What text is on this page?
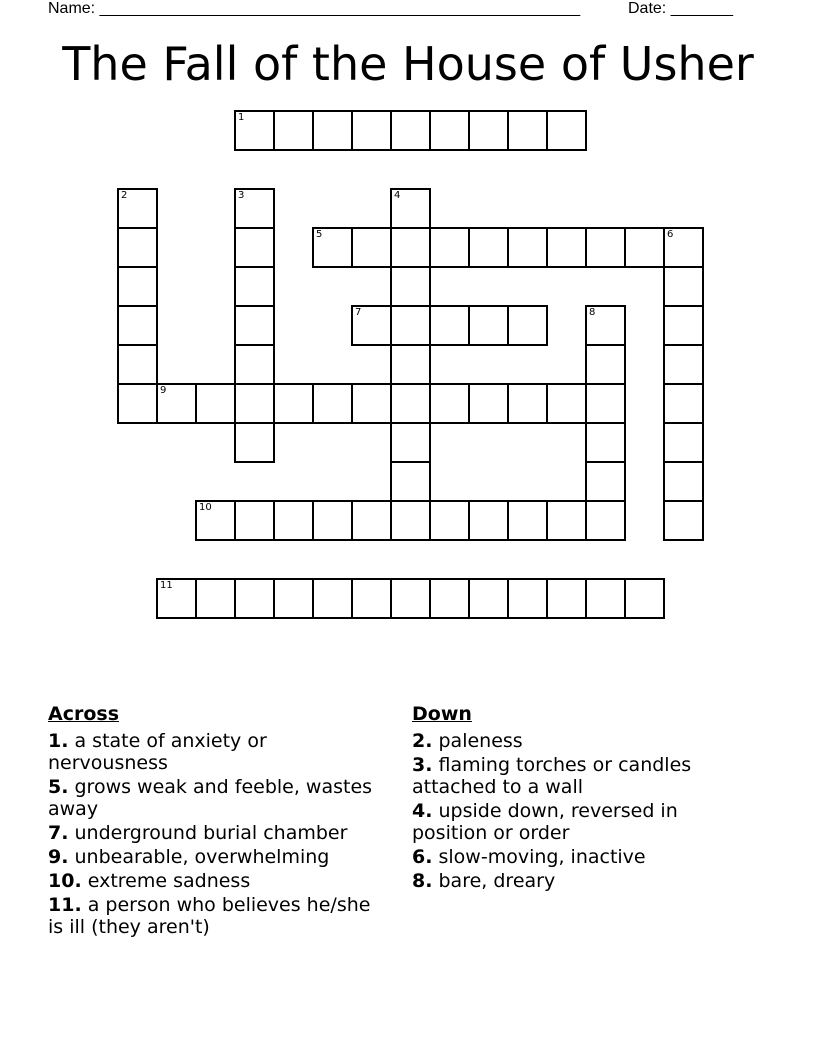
Name: ______________________________________________________	Date: _______
The Fall of the House of Usher
1
2	3	4
5	6
7	8
9
10
11
Across
1. a state of anxiety or nervousness
5. grows weak and feeble, wastes away
7. underground burial chamber
9. unbearable, overwhelming
10. extreme sadness
11. a person who believes he/she is ill (they aren't)
Down
2. paleness
3. flaming torches or candles attached to a wall
4. upside down, reversed in position or order
6. slow-moving, inactive
8. bare, dreary
